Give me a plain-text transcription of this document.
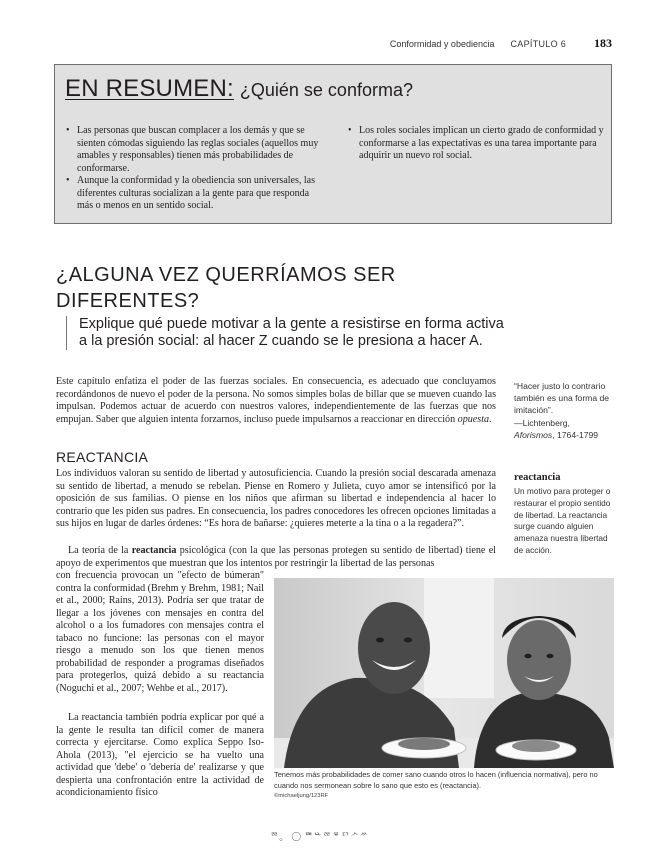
Conformidad y obediencia CAPÍTULO 6 183
EN RESUMEN: ¿Quién se conforma?
• Las personas que buscan complacer a los demás y que se sienten cómodas siguiendo las reglas sociales (aquellos muy amables y responsables) tienen más probabilidades de conformarse.
• Aunque la conformidad y la obediencia son universales, las diferentes culturas socializan a la gente para que responda más o menos en un sentido social.
• Los roles sociales implican un cierto grado de conformidad y conformarse a las expectativas es una tarea importante para adquirir un nuevo rol social.
¿ALGUNA VEZ QUERRÍAMOS SER DIFERENTES?

Explique qué puede motivar a la gente a resistirse en forma activa a la presión social: al hacer Z cuando se le presiona a hacer A.

Este capítulo enfatiza el poder de las fuerzas sociales. En consecuencia, es adecuado que concluyamos recordándonos de nuevo el poder de la persona. No somos simples bolas de billar que se mueven cuando las impulsan. Podemos actuar de acuerdo con nuestros valores, independientemente de las fuerzas que nos empujan. Saber que alguien intenta forzarnos, incluso puede impulsarnos a reaccionar en dirección opuesta.

REACTANCIA

Los individuos valoran su sentido de libertad y autosuficiencia. Cuando la presión social descarada amenaza su sentido de libertad, a menudo se rebelan. Piense en Romero y Julieta, cuyo amor se intensificó por la oposición de sus familias. O piense en los niños que afirman su libertad e independencia al hacer lo contrario que les piden sus padres. En consecuencia, los padres conocedores les ofrecen opciones limitadas a sus hijos en lugar de darles órdenes: “Es hora de bañarse: ¿quieres meterte a la tina o a la regadera?”.

La teoría de la reactancia psicológica (con la que las personas protegen su sentido de libertad) tiene el apoyo de experimentos que muestran que los intentos por restringir la libertad de las personas

con frecuencia provocan un "efecto de búmeran" contra la conformidad (Brehm y Brehm, 1981; Nail et al., 2000; Rains, 2013). Podría ser que tratar de llegar a los jóvenes con mensajes en contra del alcohol o a los fumadores con mensajes contra el tabaco no funcione: las personas con el mayor riesgo a menudo son los que tienen menos probabilidad de responder a programas diseñados para protegerlos, quizá debido a su reactancia (Noguchi et al., 2007; Wehbe et al., 2017).

La reactancia también podría explicar por qué a la gente le resulta tan difícil comer de manera correcta y ejercitarse. Como explica Seppo Iso-Ahola (2013), "el ejercicio se ha vuelto una actividad que 'debe' o 'debería de' realizarse y que despierta una confrontación entre la actividad de acondicionamiento físico

“Hacer justo lo contrario también es una forma de imitación”.
—Lichtenberg,
Aforismos, 1764-1799

reactancia

Un motivo para proteger o restaurar el propio sentido de libertad. La reactancia surge cuando alguien amenaza nuestra libertad de acción.

Tenemos más probabilidades de comer sano cuando otros lo hacen (influencia normativa), pero no cuando nos sermonean sobre lo sano que esto es (reactancia).
©michaeljung/123RF

ᄙ。 ◯ ᄜᄔᄙᄛᄗᄼᄽ
